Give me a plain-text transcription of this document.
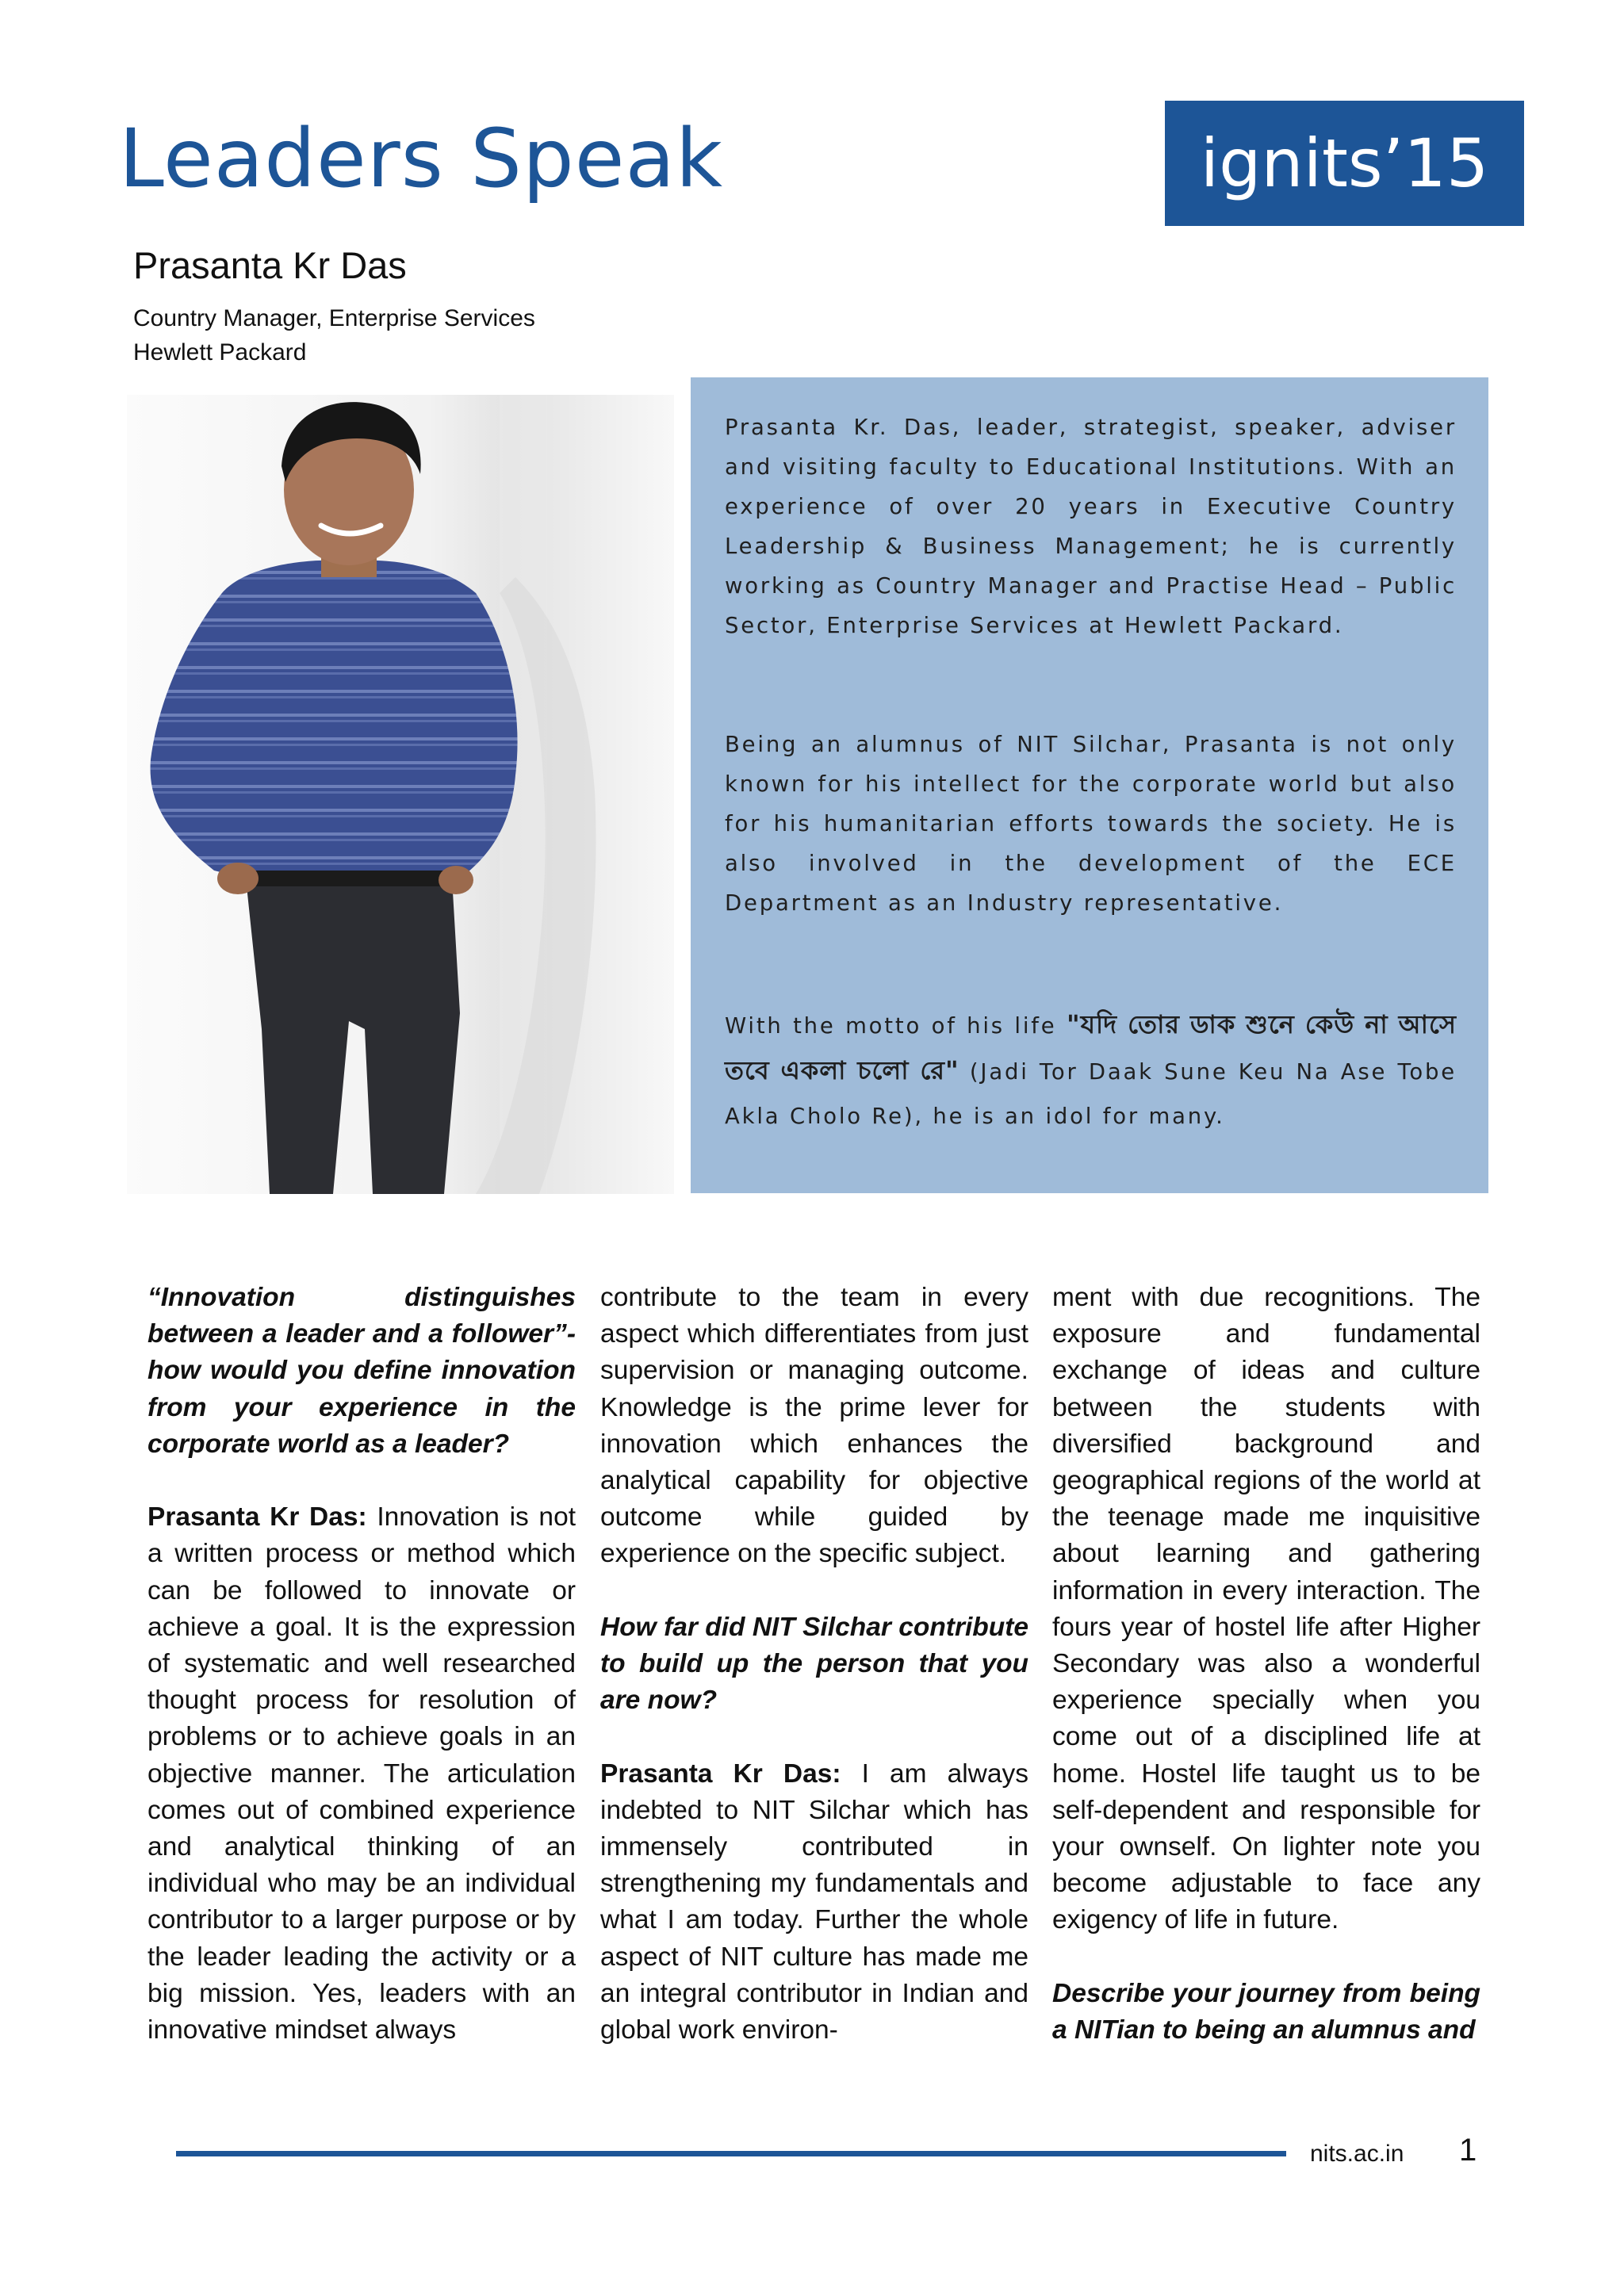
Leaders Speak	ignits’15
Prasanta Kr Das
Country Manager, Enterprise Services
Hewlett Packard

Prasanta Kr. Das, leader, strategist, speaker, adviser and visiting faculty to Educational Institutions. With an experience of over 20 years in Executive Country Leadership & Business Management; he is currently working as Country Manager and Practise Head – Public Sector, Enterprise Services at Hewlett Packard.

Being an alumnus of NIT Silchar, Prasanta is not only known for his intellect for the corporate world but also for his humanitarian efforts towards the society. He is also involved in the development of the ECE Department as an Industry representative.

With the motto of his life "যদি তোর ডাক শুনে কেউ না আসে তবে একলা চলো রে" (Jadi Tor Daak Sune Keu Na Ase Tobe Akla Cholo Re), he is an idol for many.

“Innovation distinguishes between a leader and a follower”- how would you define innovation from your experience in the corporate world as a leader?

Prasanta Kr Das: Innovation is not a written process or method which can be followed to innovate or achieve a goal. It is the expression of systematic and well researched thought process for resolution of problems or to achieve goals in an objective manner. The articulation comes out of combined experience and analytical thinking of an individual who may be an individual contributor to a larger purpose or by the leader leading the activity or a big mission. Yes, leaders with an innovative mindset always

contribute to the team in every aspect which differentiates from just supervision or managing outcome. Knowledge is the prime lever for innovation which enhances the analytical capability for objective outcome while guided by experience on the specific subject.

How far did NIT Silchar contribute to build up the person that you are now?

Prasanta Kr Das: I am always indebted to NIT Silchar which has immensely contributed in strengthening my fundamentals and what I am today. Further the whole aspect of NIT culture has made me an integral contributor in Indian and global work environ-

ment with due recognitions. The exposure and fundamental exchange of ideas and culture between the students with diversified background and geographical regions of the world at the teenage made me inquisitive about learning and gathering information in every interaction. The fours year of hostel life after Higher Secondary was also a wonderful experience specially when you come out of a disciplined life at home. Hostel life taught us to be self-dependent and responsible for your ownself. On lighter note you become adjustable to face any exigency of life in future.

Describe your journey from being a NITian to being an alumnus and

nits.ac.in 1
